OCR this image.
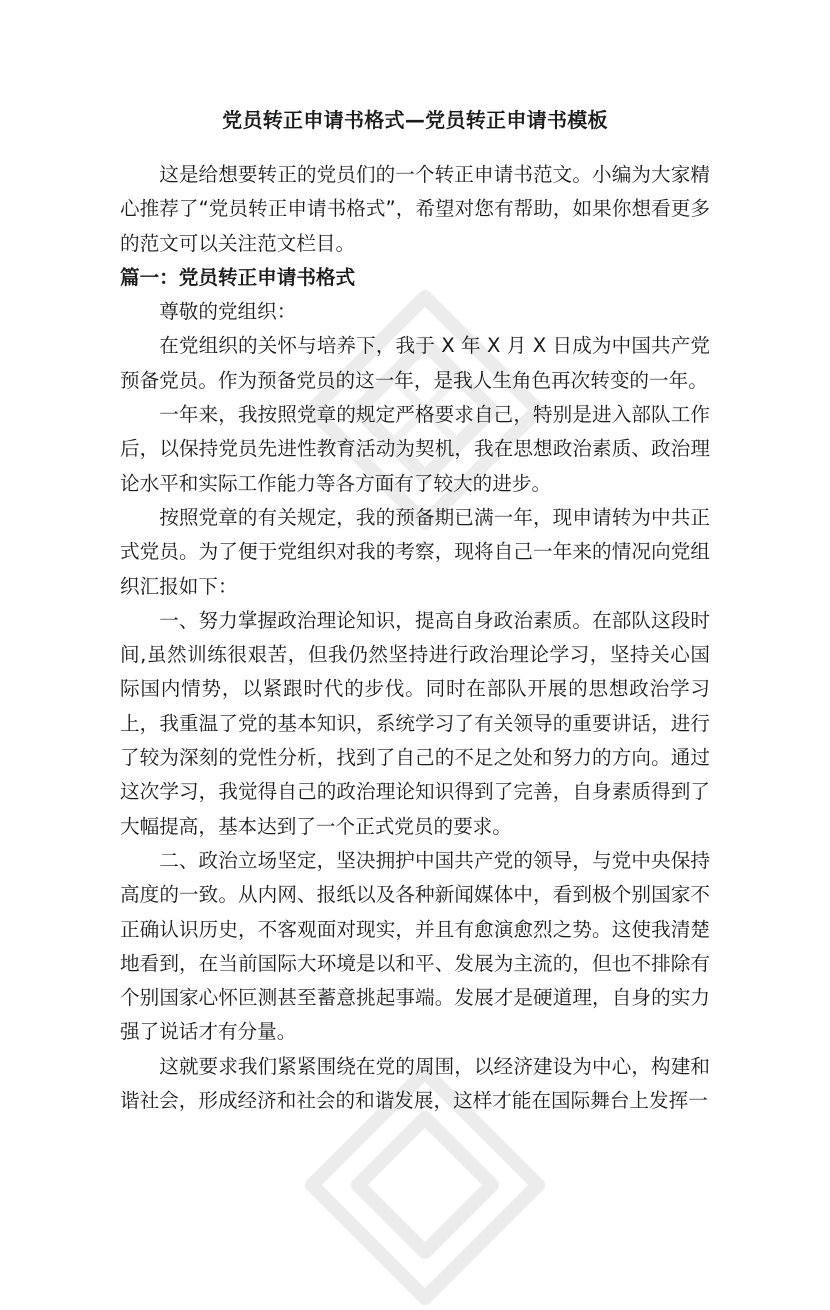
党员转正申请书格式—党员转正申请书模板

这是给想要转正的党员们的一个转正申请书范文。小编为大家精心推荐了“党员转正申请书格式”，希望对您有帮助，如果你想看更多的范文可以关注范文栏目。

篇一：党员转正申请书格式

尊敬的党组织：

在党组织的关怀与培养下，我于 X 年 X 月 X 日成为中国共产党预备党员。作为预备党员的这一年，是我人生角色再次转变的一年。

一年来，我按照党章的规定严格要求自己，特别是进入部队工作后，以保持党员先进性教育活动为契机，我在思想政治素质、政治理论水平和实际工作能力等各方面有了较大的进步。

按照党章的有关规定，我的预备期已满一年，现申请转为中共正式党员。为了便于党组织对我的考察，现将自己一年来的情况向党组织汇报如下：

一、努力掌握政治理论知识，提高自身政治素质。在部队这段时间,虽然训练很艰苦，但我仍然坚持进行政治理论学习，坚持关心国际国内情势，以紧跟时代的步伐。同时在部队开展的思想政治学习上，我重温了党的基本知识，系统学习了有关领导的重要讲话，进行了较为深刻的党性分析，找到了自己的不足之处和努力的方向。通过这次学习，我觉得自己的政治理论知识得到了完善，自身素质得到了大幅提高，基本达到了一个正式党员的要求。

二、政治立场坚定，坚决拥护中国共产党的领导，与党中央保持高度的一致。从内网、报纸以及各种新闻媒体中，看到极个别国家不正确认识历史，不客观面对现实，并且有愈演愈烈之势。这使我清楚地看到，在当前国际大环境是以和平、发展为主流的，但也不排除有个别国家心怀叵测甚至蓄意挑起事端。发展才是硬道理，自身的实力强了说话才有分量。

这就要求我们紧紧围绕在党的周围，以经济建设为中心，构建和谐社会，形成经济和社会的和谐发展，这样才能在国际舞台上发挥一
